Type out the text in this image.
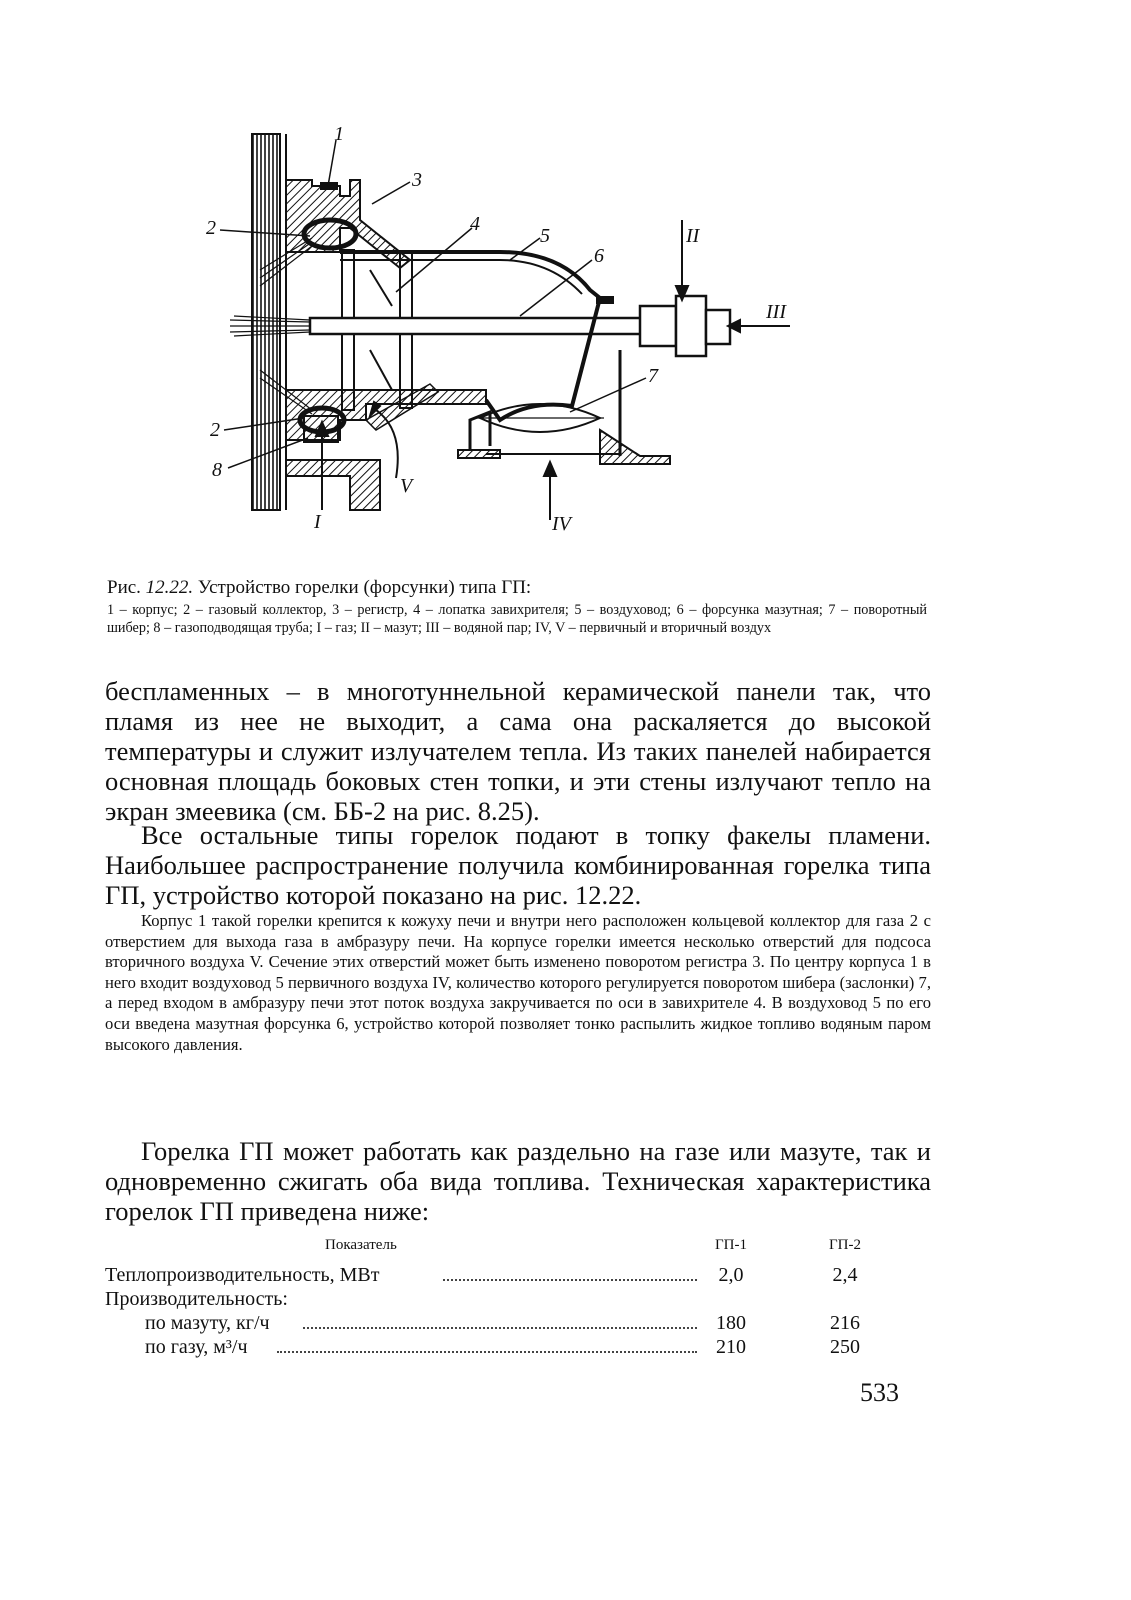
1
2
3
4
5
6
7
2
8
I
II
III
IV
V

Рис. 12.22. Устройство горелки (форсунки) типа ГП:

1 – корпус; 2 – газовый коллектор, 3 – регистр, 4 – лопатка завихрителя; 5 – воздуховод; 6 – форсунка мазутная; 7 – поворотный шибер; 8 – газоподводящая труба; I – газ; II – мазут; III – водяной пар; IV, V – первичный и вторичный воздух

беспламенных – в многотуннельной керамической панели так, что пламя из нее не выходит, а сама она раскаляется до высокой температуры и служит излучателем тепла. Из таких панелей набирается основная площадь боковых стен топки, и эти стены излучают тепло на экран змеевика (см. ББ-2 на рис. 8.25).

Все остальные типы горелок подают в топку факелы пламени. Наибольшее распространение получила комбинированная горелка типа ГП, устройство которой показано на рис. 12.22.

Корпус 1 такой горелки крепится к кожуху печи и внутри него расположен кольцевой коллектор для газа 2 с отверстием для выхода газа в амбразуру печи. На корпусе горелки имеется несколько отверстий для подсоса вторичного воздуха V. Сечение этих отверстий может быть изменено поворотом регистра 3. По центру корпуса 1 в него входит воздуховод 5 первичного воздуха IV, количество которого регулируется поворотом шибера (заслонки) 7, а перед входом в амбразуру печи этот поток воздуха закручивается по оси в завихрителе 4. В воздуховод 5 по его оси введена мазутная форсунка 6, устройство которой позволяет тонко распылить жидкое топливо водяным паром высокого давления.

Горелка ГП может работать как раздельно на газе или мазуте, так и одновременно сжигать оба вида топлива. Техническая характеристика горелок ГП приведена ниже:

Показатель	ГП-1	ГП-2
Теплопроизводительность, МВт	2,0	2,4
Производительность:
по мазуту, кг/ч	180	216
по газу, м³/ч	210	250
533
